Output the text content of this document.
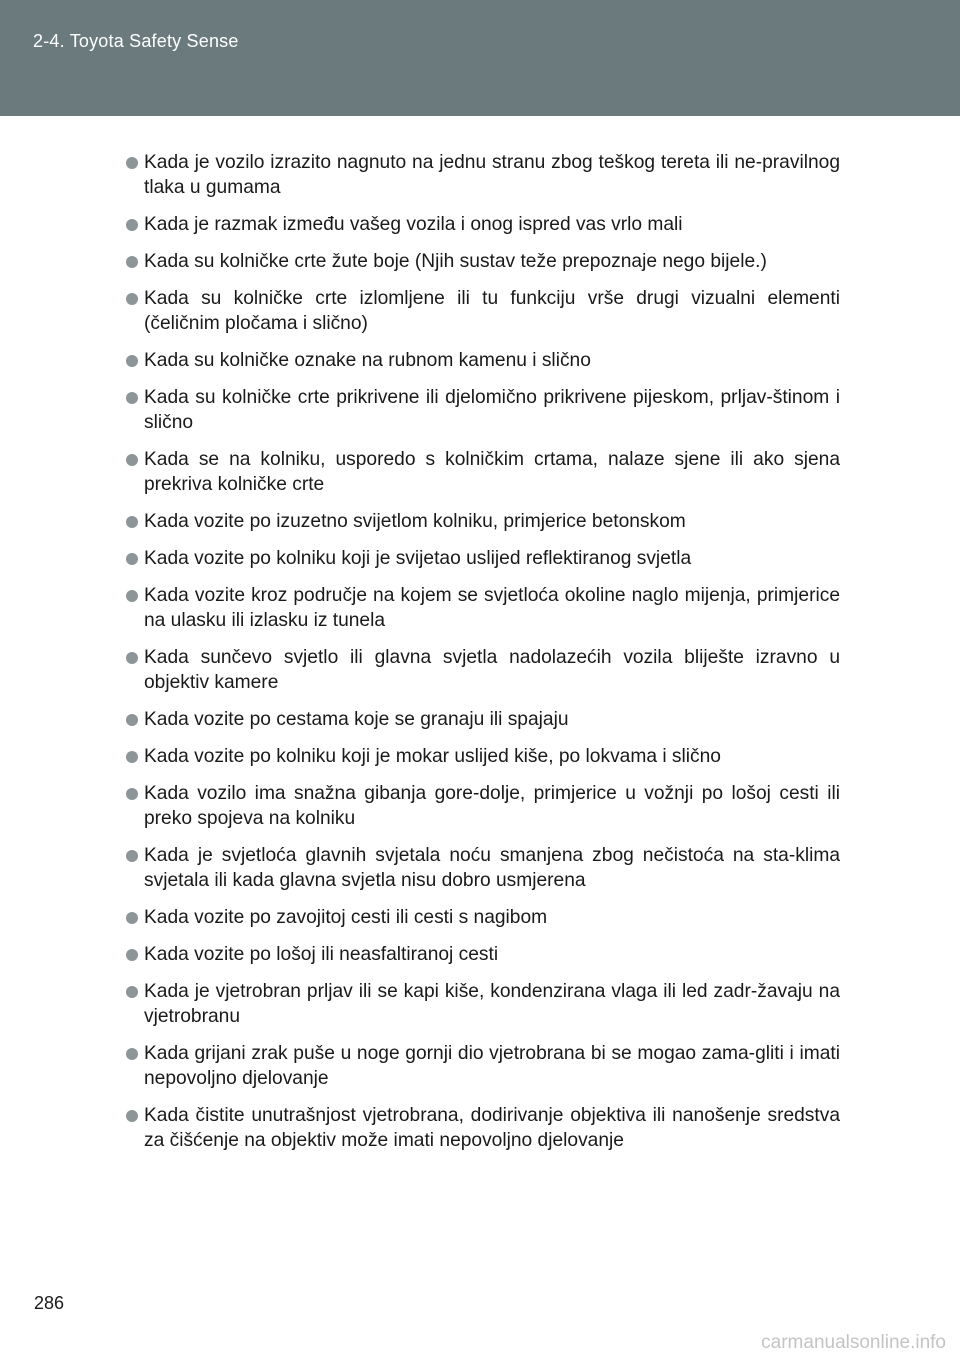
2-4. Toyota Safety Sense
Kada je vozilo izrazito nagnuto na jednu stranu zbog teškog tereta ili ne-pravilnog tlaka u gumama
Kada je razmak između vašeg vozila i onog ispred vas vrlo mali
Kada su kolničke crte žute boje (Njih sustav teže prepoznaje nego bijele.)
Kada su kolničke crte izlomljene ili tu funkciju vrše drugi vizualni elementi (čeličnim pločama i slično)
Kada su kolničke oznake na rubnom kamenu i slično
Kada su kolničke crte prikrivene ili djelomično prikrivene pijeskom, prljav-štinom i slično
Kada se na kolniku, usporedo s kolničkim crtama, nalaze sjene ili ako sjena prekriva kolničke crte
Kada vozite po izuzetno svijetlom kolniku, primjerice betonskom
Kada vozite po kolniku koji je svijetao uslijed reflektiranog svjetla
Kada vozite kroz područje na kojem se svjetloća okoline naglo mijenja, primjerice na ulasku ili izlasku iz tunela
Kada sunčevo svjetlo ili glavna svjetla nadolazećih vozila bliješte izravno u objektiv kamere
Kada vozite po cestama koje se granaju ili spajaju
Kada vozite po kolniku koji je mokar uslijed kiše, po lokvama i slično
Kada vozilo ima snažna gibanja gore-dolje, primjerice u vožnji po lošoj cesti ili preko spojeva na kolniku
Kada je svjetloća glavnih svjetala noću smanjena zbog nečistoća na sta-klima svjetala ili kada glavna svjetla nisu dobro usmjerena
Kada vozite po zavojitoj cesti ili cesti s nagibom
Kada vozite po lošoj ili neasfaltiranoj cesti
Kada je vjetrobran prljav ili se kapi kiše, kondenzirana vlaga ili led zadr-žavaju na vjetrobranu
Kada grijani zrak puše u noge gornji dio vjetrobrana bi se mogao zama-gliti i imati nepovoljno djelovanje
Kada čistite unutrašnjost vjetrobrana, dodirivanje objektiva ili nanošenje sredstva za čišćenje na objektiv može imati nepovoljno djelovanje
286
carmanualsonline.info
